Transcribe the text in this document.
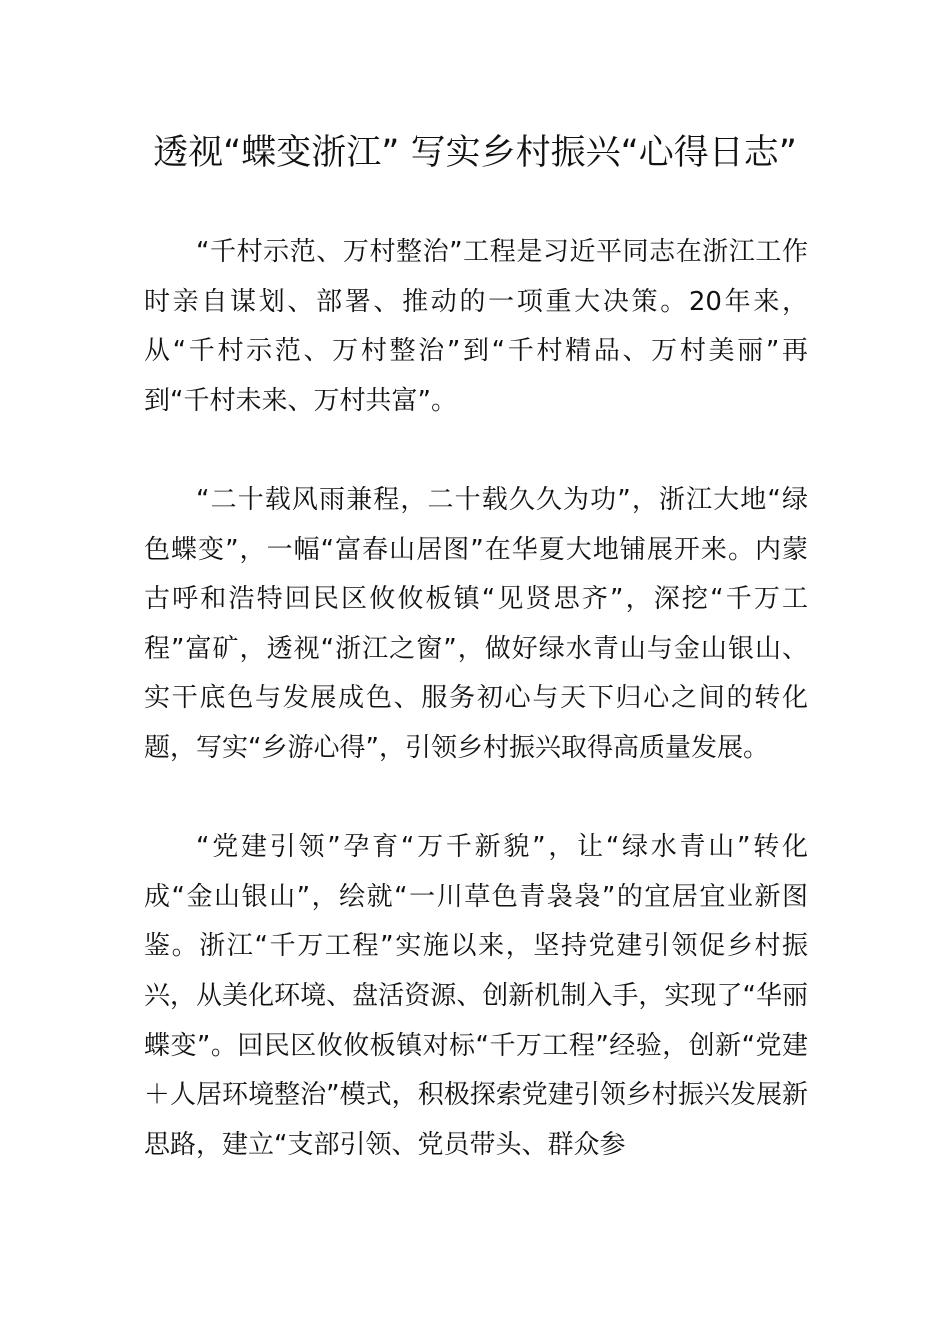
透视“蝶变浙江” 写实乡村振兴“心得日志”

“千村示范、万村整治”工程是习近平同志在浙江工作时亲自谋划、部署、推动的一项重大决策。20年来，从“千村示范、万村整治”到“千村精品、万村美丽”再到“千村未来、万村共富”。

“二十载风雨兼程，二十载久久为功”，浙江大地“绿色蝶变”，一幅“富春山居图”在华夏大地铺展开来。内蒙古呼和浩特回民区攸攸板镇“见贤思齐”，深挖“千万工程”富矿，透视“浙江之窗”，做好绿水青山与金山银山、实干底色与发展成色、服务初心与天下归心之间的转化题，写实“乡游心得”，引领乡村振兴取得高质量发展。

“党建引领”孕育“万千新貌”，让“绿水青山”转化成“金山银山”，绘就“一川草色青袅袅”的宜居宜业新图鉴。浙江“千万工程”实施以来，坚持党建引领促乡村振兴，从美化环境、盘活资源、创新机制入手，实现了“华丽蝶变”。回民区攸攸板镇对标“千万工程”经验，创新“党建＋人居环境整治”模式，积极探索党建引领乡村振兴发展新思路，建立“支部引领、党员带头、群众参
